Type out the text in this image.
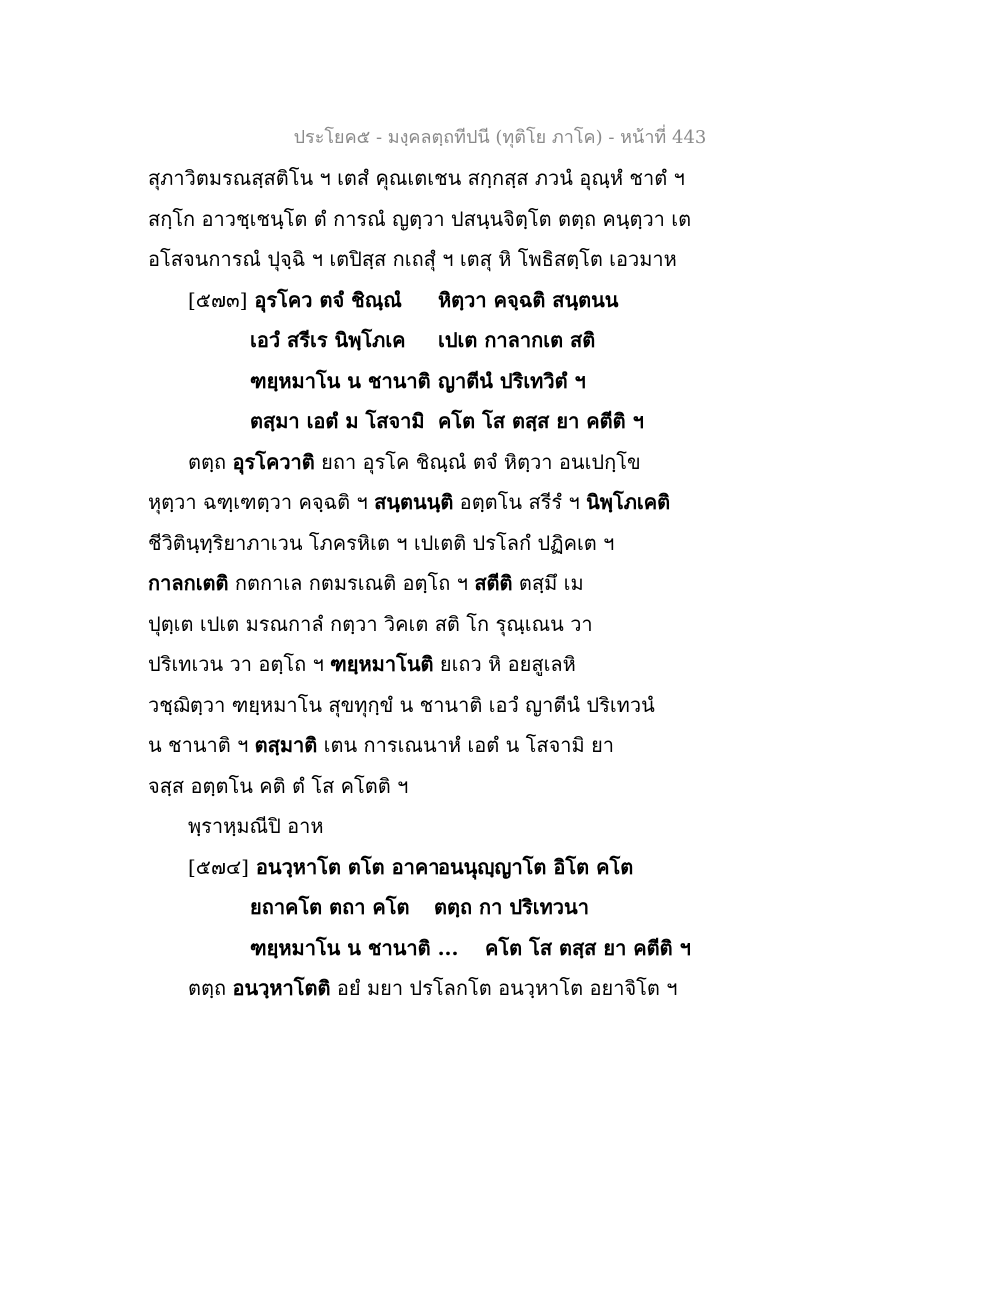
ประโยค๕ - มงฺคลตฺถทีปนี (ทุติโย ภาโค) - หน้าที่ 443
สุภาวิตมรณสฺสติโน ฯ เตสํ คุณเตเชน สกฺกสฺส ภวนํ อุณฺหํ ชาตํ ฯ
สกฺโก อาวชฺเชนฺโต ตํ การณํ ญตฺวา ปสนฺนจิตฺโต ตตฺถ คนฺตฺวา เต
อโสจนการณํ ปุจฺฉิ ฯ เตปิสฺส กเถสุํ ฯ เตสุ หิ โพธิสตฺโต เอวมาห
[๕๗๓] อุรโคว ตจํ ชิณฺณํ หิตฺวา คจฺฉติ สนฺตนน
เอวํ สรีเร นิพฺโภเค เปเต กาลากเต สติ
ฑยฺหมาโน น ชานาติ ญาตีนํ ปริเทวิตํ ฯ
ตสฺมา เอตํ ม โสจามิ คโต โส ตสฺส ยา คตีติ ฯ
ตตฺถ อุรโควาติ ยถา อุรโค ชิณฺณํ ตจํ หิตฺวา อนเปกฺโข
หุตฺวา ฉฑฺเฑตฺวา คจฺฉติ ฯ สนฺตนนฺติ อตฺตโน สรีรํ ฯ นิพฺโภเคติ
ชีวิตินฺทฺริยาภาเวน โภครหิเต ฯ เปเตติ ปรโลกํ ปฏิคเต ฯ
กาลกเตติ กตกาเล กตมรเณติ อตฺโถ ฯ สตีติ ตสฺมึ เม
ปุตฺเต เปเต มรณกาลํ กตฺวา วิคเต สติ โก รุณฺเณน วา
ปริเทเวน วา อตฺโถ ฯ ฑยฺหมาโนติ ยเถว หิ อยสูเลหิ
วชฺฌิตฺวา ฑยฺหมาโน สุขทุกฺขํ น ชานาติ เอวํ ญาตีนํ ปริเทวนํ
น ชานาติ ฯ ตสฺมาติ เตน การเณนาหํ เอตํ น โสจามิ ยา
จสฺส อตฺตโน คติ ตํ โส คโตติ ฯ
พฺราหฺมณีปิ อาห
[๕๗๔] อนวฺหาโต ตโต อาคา
อนนุญฺญาโต อิโต คโต
ยถาคโต ตถา คโต ตตฺถ กา ปริเทวนา
ฑยฺหมาโน น ชานาติ ... คโต โส ตสฺส ยา คตีติ ฯ
ตตฺถ อนวฺหาโตติ อยํ มยา ปรโลกโต อนวฺหาโต อยาจิโต ฯ
